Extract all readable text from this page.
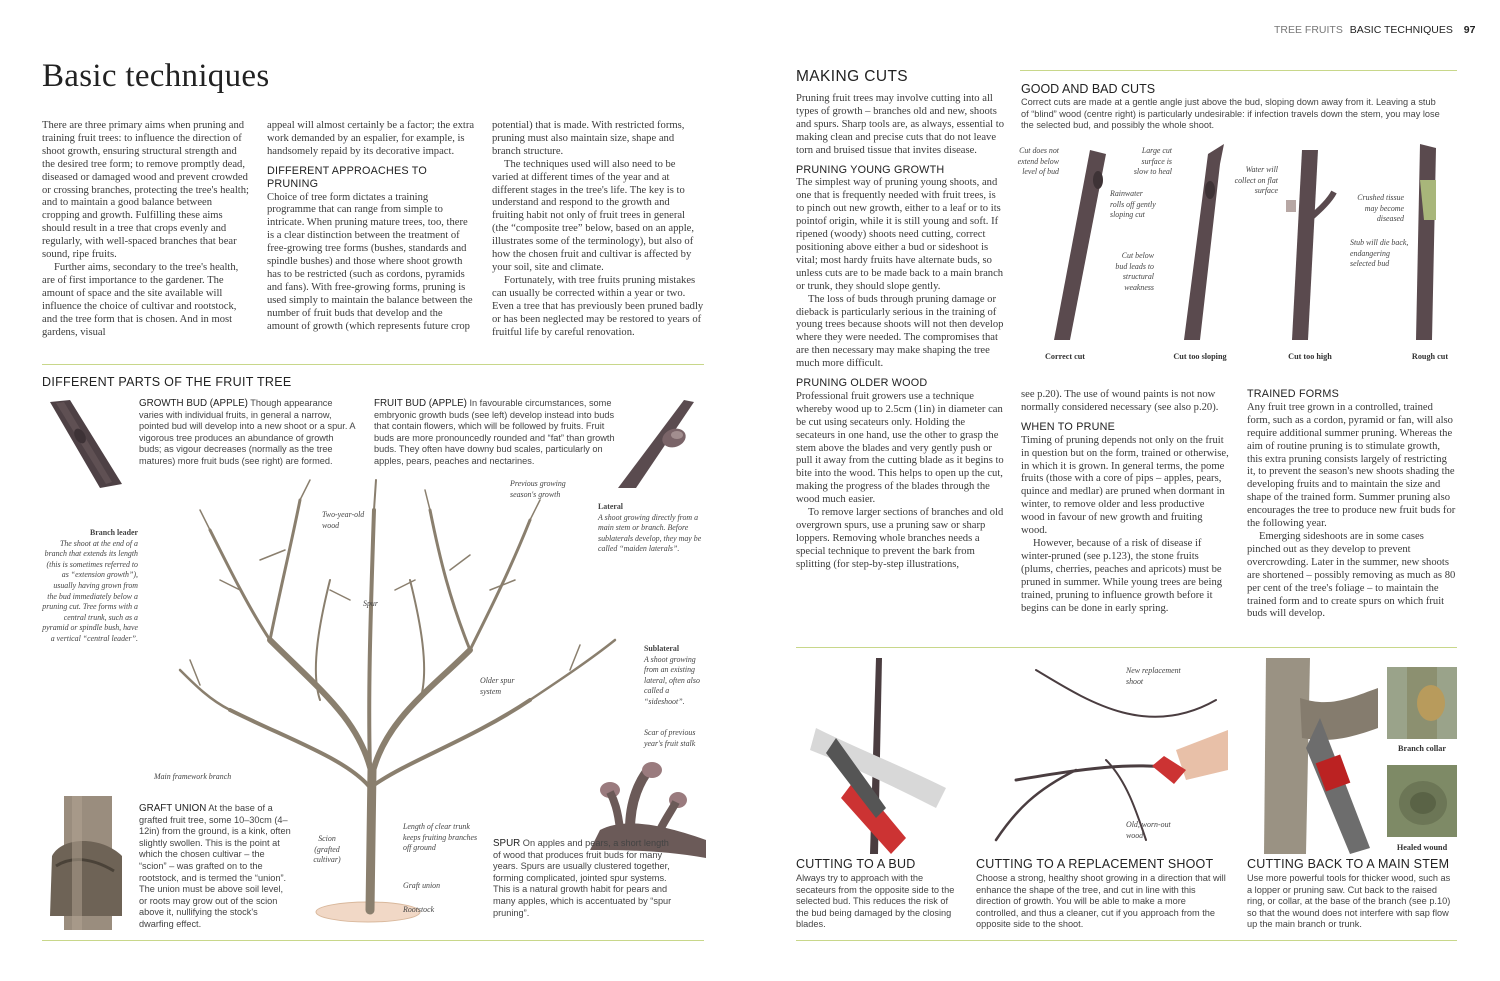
Basic techniques

There are three primary aims when pruning and training fruit trees: to influence the direction of shoot growth, ensuring structural strength and the desired tree form; to remove promptly dead, diseased or damaged wood and prevent crowded or crossing branches, protecting the tree's health; and to maintain a good balance between cropping and growth. Fulfilling these aims should result in a tree that crops evenly and regularly, with well-spaced branches that bear sound, ripe fruits.

Further aims, secondary to the tree's health, are of first importance to the gardener. The amount of space and the site available will influence the choice of cultivar and rootstock, and the tree form that is chosen. And in most gardens, visual

appeal will almost certainly be a factor; the extra work demanded by an espalier, for example, is handsomely repaid by its decorative impact.

DIFFERENT APPROACHES TO PRUNING

Choice of tree form dictates a training programme that can range from simple to intricate. When pruning mature trees, too, there is a clear distinction between the treatment of free-growing tree forms (bushes, standards and spindle bushes) and those where shoot growth has to be restricted (such as cordons, pyramids and fans). With free-growing forms, pruning is used simply to maintain the balance between the number of fruit buds that develop and the amount of growth (which represents future crop

potential) that is made. With restricted forms, pruning must also maintain size, shape and branch structure.

The techniques used will also need to be varied at different times of the year and at different stages in the tree's life. The key is to understand and respond to the growth and fruiting habit not only of fruit trees in general (the “composite tree” below, based on an apple, illustrates some of the terminology), but also of how the chosen fruit and cultivar is affected by your soil, site and climate.

Fortunately, with tree fruits pruning mistakes can usually be corrected within a year or two. Even a tree that has previously been pruned badly or has been neglected may be restored to years of fruitful life by careful renovation.

DIFFERENT PARTS OF THE FRUIT TREE
GROWTH BUD (APPLE) Though appearance varies with individual fruits, in general a narrow, pointed bud will develop into a new shoot or a spur. A vigorous tree produces an abundance of growth buds; as vigour decreases (normally as the tree matures) more fruit buds (see right) are formed.
FRUIT BUD (APPLE) In favourable circumstances, some embryonic growth buds (see left) develop instead into buds that contain flowers, which will be followed by fruits. Fruit buds are more pronouncedly rounded and “fat” than growth buds. They often have downy bud scales, particularly on apples, pears, peaches and nectarines.
Branch leader
The shoot at the end of a branch that extends its length (this is sometimes referred to as “extension growth”), usually having grown from the bud immediately below a pruning cut. Tree forms with a central trunk, such as a pyramid or spindle bush, have a vertical “central leader”.
Two-year-old wood
Previous growing season's growth
Lateral
A shoot growing directly from a main stem or branch. Before sublaterals develop, they may be called “maiden laterals”.
Spur
Sublateral
A shoot growing from an existing lateral, often also called a “sideshoot”.
Older spur system
Scar of previous year's fruit stalk
Main framework branch
Length of clear trunk keeps fruiting branches off ground
Scion (grafted cultivar)
Graft union
Rootstock
GRAFT UNION At the base of a grafted fruit tree, some 10–30cm (4–12in) from the ground, is a kink, often slightly swollen. This is the point at which the chosen cultivar – the “scion” – was grafted on to the rootstock, and is termed the “union”. The union must be above soil level, or roots may grow out of the scion above it, nullifying the stock's dwarfing effect.
SPUR On apples and pears, a short length of wood that produces fruit buds for many years. Spurs are usually clustered together, forming complicated, jointed spur systems. This is a natural growth habit for pears and many apples, which is accentuated by “spur pruning”.
TREE FRUITS BASIC TECHNIQUES 97
MAKING CUTS

Pruning fruit trees may involve cutting into all types of growth – branches old and new, shoots and spurs. Sharp tools are, as always, essential to making clean and precise cuts that do not leave torn and bruised tissue that invites disease.

PRUNING YOUNG GROWTH

The simplest way of pruning young shoots, and one that is frequently needed with fruit trees, is to pinch out new growth, either to a leaf or to its pointof origin, while it is still young and soft. If ripened (woody) shoots need cutting, correct positioning above either a bud or sideshoot is vital; most hardy fruits have alternate buds, so unless cuts are to be made back to a main branch or trunk, they should slope gently.

The loss of buds through pruning damage or dieback is particularly serious in the training of young trees because shoots will not then develop where they were needed. The compromises that are then necessary may make shaping the tree much more difficult.

PRUNING OLDER WOOD

Professional fruit growers use a technique whereby wood up to 2.5cm (1in) in diameter can be cut using secateurs only. Holding the secateurs in one hand, use the other to grasp the stem above the blades and very gently push or pull it away from the cutting blade as it begins to bite into the wood. This helps to open up the cut, making the progress of the blades through the wood much easier.

To remove larger sections of branches and old overgrown spurs, use a pruning saw or sharp loppers. Removing whole branches needs a special technique to prevent the bark from splitting (for step-by-step illustrations,

GOOD AND BAD CUTS
Correct cuts are made at a gentle angle just above the bud, sloping down away from it. Leaving a stub of “blind” wood (centre right) is particularly undesirable: if infection travels down the stem, you may lose the selected bud, and possibly the whole shoot.
Cut does not extend below level of bud
Rainwater rolls off gently sloping cut
Large cut surface is slow to heal
Cut below bud leads to structural weakness
Water will collect on flat surface
Crushed tissue may become diseased
Stub will die back, endangering selected bud
Correct cut	Cut too sloping	Cut too high	Rough cut

see p.20). The use of wound paints is not now normally considered necessary (see also p.20).

WHEN TO PRUNE

Timing of pruning depends not only on the fruit in question but on the form, trained or otherwise, in which it is grown. In general terms, the pome fruits (those with a core of pips – apples, pears, quince and medlar) are pruned when dormant in winter, to remove older and less productive wood in favour of new growth and fruiting wood.

However, because of a risk of disease if winter-pruned (see p.123), the stone fruits (plums, cherries, peaches and apricots) must be pruned in summer. While young trees are being trained, pruning to influence growth before it begins can be done in early spring.

TRAINED FORMS

Any fruit tree grown in a controlled, trained form, such as a cordon, pyramid or fan, will also require additional summer pruning. Whereas the aim of routine pruning is to stimulate growth, this extra pruning consists largely of restricting it, to prevent the season's new shoots shading the developing fruits and to maintain the size and shape of the trained form. Summer pruning also encourages the tree to produce new fruit buds for the following year.

Emerging sideshoots are in some cases pinched out as they develop to prevent overcrowding. Later in the summer, new shoots are shortened – possibly removing as much as 80 per cent of the tree's foliage – to maintain the trained form and to create spurs on which fruit buds will develop.

New replacement shoot
Old, worn-out wood
Branch collar
Healed wound
CUTTING TO A BUD
Always try to approach with the secateurs from the opposite side to the selected bud. This reduces the risk of the bud being damaged by the closing blades.
CUTTING TO A REPLACEMENT SHOOT
Choose a strong, healthy shoot growing in a direction that will enhance the shape of the tree, and cut in line with this direction of growth. You will be able to make a more controlled, and thus a cleaner, cut if you approach from the opposite side to the shoot.
CUTTING BACK TO A MAIN STEM
Use more powerful tools for thicker wood, such as a lopper or pruning saw. Cut back to the raised ring, or collar, at the base of the branch (see p.10) so that the wound does not interfere with sap flow up the main branch or trunk.
